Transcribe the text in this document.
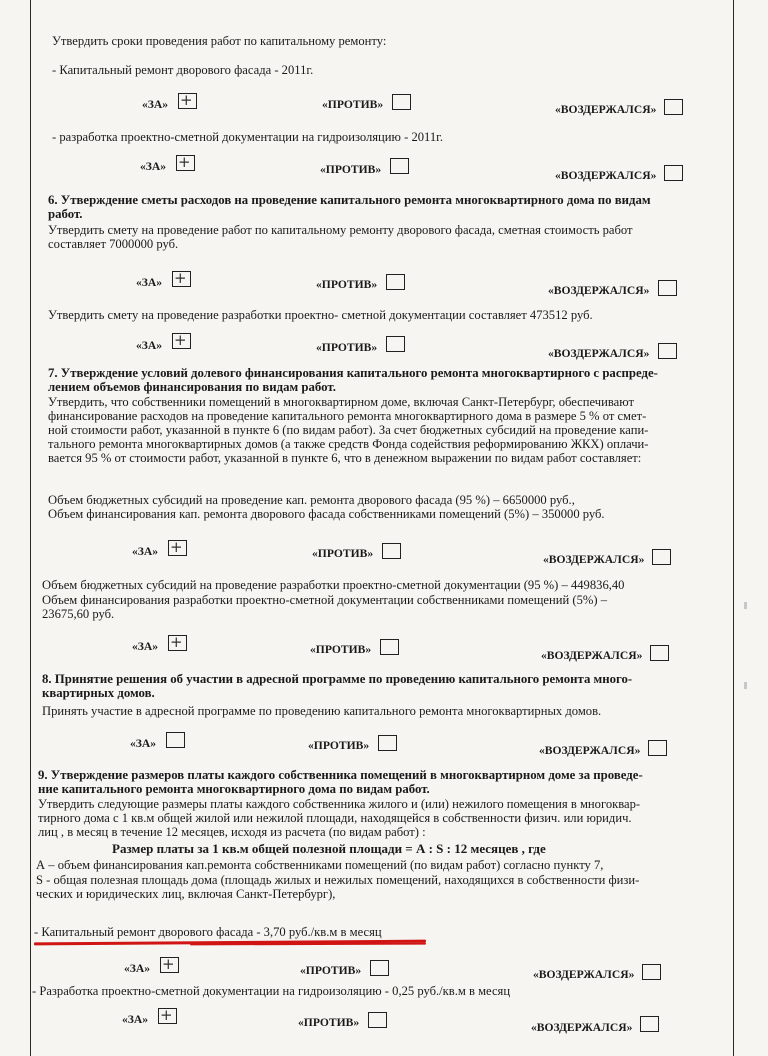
Утвердить сроки проведения работ по капитальному ремонту:
- Капитальный ремонт дворового фасада - 2011г.
«ЗА» +	«ПРОТИВ»	«ВОЗДЕРЖАЛСЯ»
- разработка проектно-сметной документации на гидроизоляцию - 2011г.
«ЗА» +	«ПРОТИВ»	«ВОЗДЕРЖАЛСЯ»
6. Утверждение сметы расходов на проведение капитального ремонта многоквартирного дома по видам
работ.
Утвердить смету на проведение работ по капитальному ремонту дворового фасада, сметная стоимость работ
составляет 7000000 руб.
«ЗА» +	«ПРОТИВ»	«ВОЗДЕРЖАЛСЯ»
Утвердить смету на проведение разработки проектно- сметной документации составляет 473512 руб.
«ЗА» +	«ПРОТИВ»	«ВОЗДЕРЖАЛСЯ»
7. Утверждение условий долевого финансирования капитального ремонта многоквартирного с распреде-
лением объемов финансирования по видам работ.
Утвердить, что собственники помещений в многоквартирном доме, включая Санкт-Петербург, обеспечивают
финансирование расходов на проведение капитального ремонта многоквартирного дома в размере 5 % от смет-
ной стоимости работ, указанной в пункте 6 (по видам работ). За счет бюджетных субсидий на проведение капи-
тального ремонта многоквартирных домов (а также средств Фонда содействия реформированию ЖКХ) оплачи-
вается 95 % от стоимости работ, указанной в пункте 6, что в денежном выражении по видам работ составляет:
Объем бюджетных субсидий на проведение кап. ремонта дворового фасада (95 %) – 6650000 руб.,
Объем финансирования кап. ремонта дворового фасада собственниками помещений (5%) – 350000 руб.
«ЗА» +	«ПРОТИВ»	«ВОЗДЕРЖАЛСЯ»
Объем бюджетных субсидий на проведение разработки проектно-сметной документации (95 %) – 449836,40
Объем финансирования разработки проектно-сметной документации собственниками помещений (5%) –
23675,60 руб.
«ЗА» +	«ПРОТИВ»	«ВОЗДЕРЖАЛСЯ»
8. Принятие решения об участии в адресной программе по проведению капитального ремонта много-
квартирных домов.
Принять участие в адресной программе по проведению капитального ремонта многоквартирных домов.
«ЗА»	«ПРОТИВ»	«ВОЗДЕРЖАЛСЯ»
9. Утверждение размеров платы каждого собственника помещений в многоквартирном доме за проведе-
ние капитального ремонта многоквартирного дома по видам работ.
Утвердить следующие размеры платы каждого собственника жилого и (или) нежилого помещения в многоквар-
тирного дома с 1 кв.м общей жилой или нежилой площади, находящейся в собственности физич. или юридич.
лиц , в месяц в течение 12 месяцев, исходя из расчета (по видам работ) :
Размер платы за 1 кв.м общей полезной площади = А : S : 12 месяцев , где
А – объем финансирования кап.ремонта собственниками помещений (по видам работ) согласно пункту 7,
S - общая полезная площадь дома (площадь жилых и нежилых помещений, находящихся в собственности физи-
ческих и юридических лиц, включая Санкт-Петербург),
- Капитальный ремонт дворового фасада - 3,70 руб./кв.м в месяц
«ЗА» +	«ПРОТИВ»	«ВОЗДЕРЖАЛСЯ»
- Разработка проектно-сметной документации на гидроизоляцию - 0,25 руб./кв.м в месяц
«ЗА» +	«ПРОТИВ»	«ВОЗДЕРЖАЛСЯ»
